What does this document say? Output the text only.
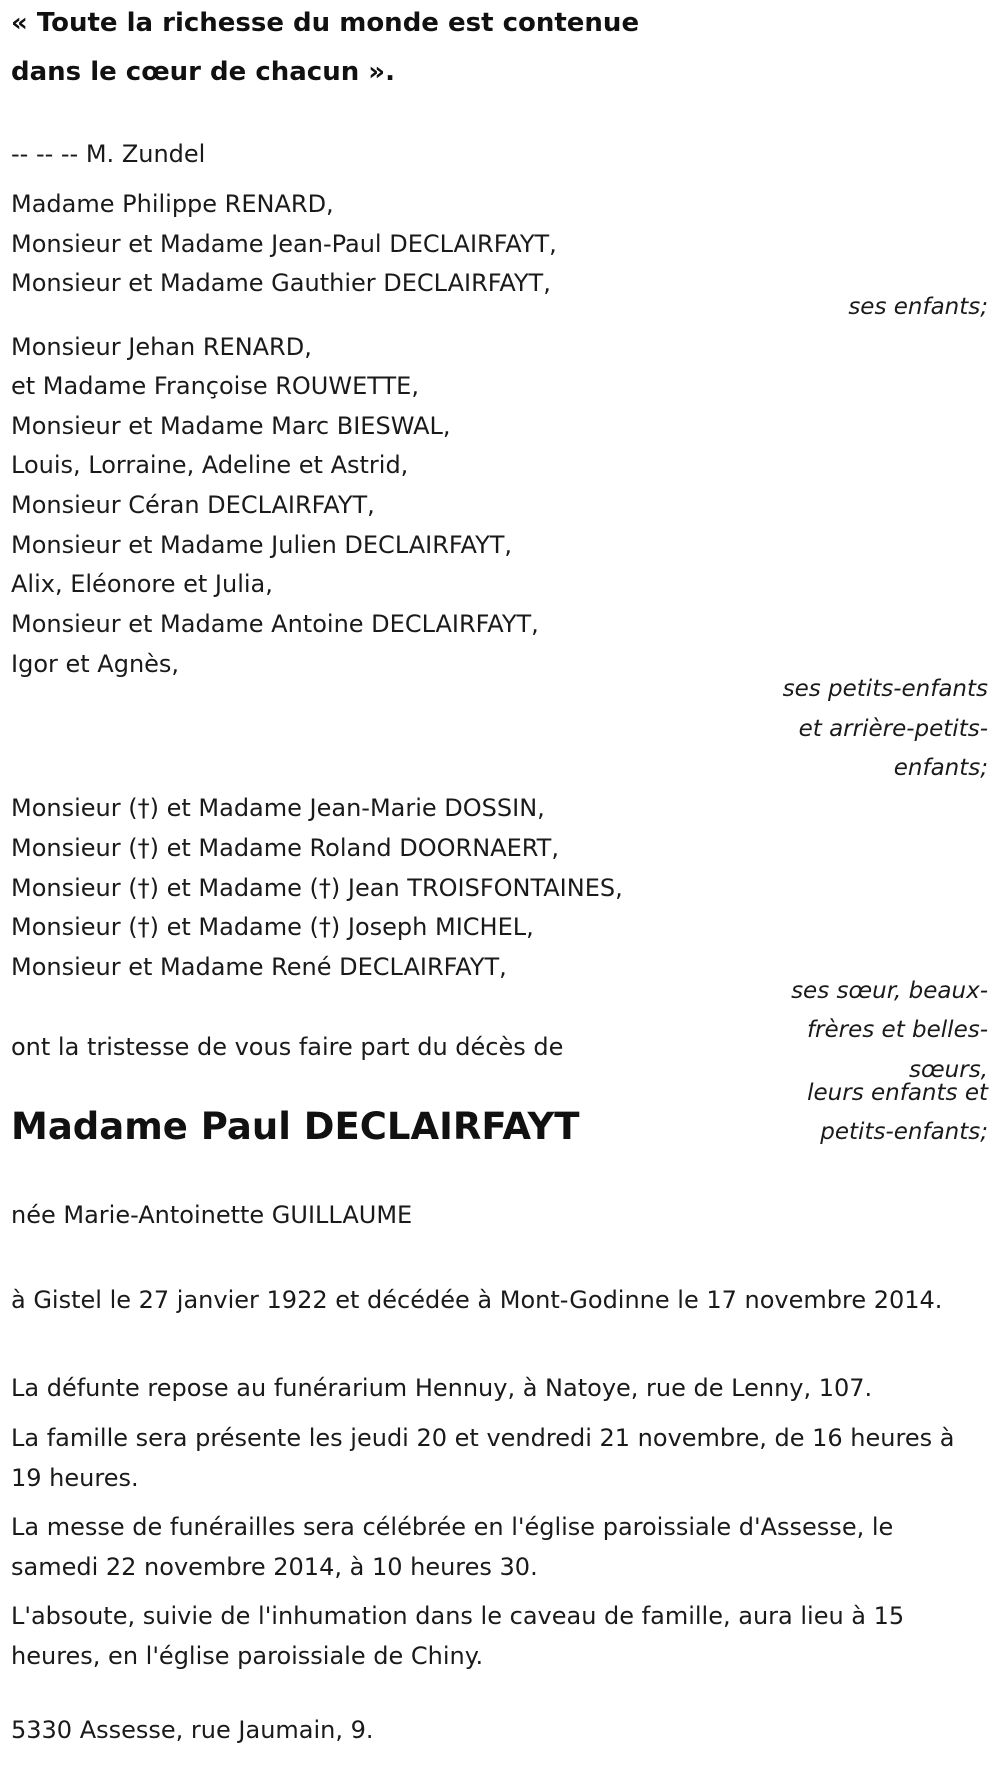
« Toute la richesse du monde est contenue
dans le cœur de chacun ».
-- -- -- M. Zundel
Madame Philippe RENARD,
Monsieur et Madame Jean-Paul DECLAIRFAYT,
Monsieur et Madame Gauthier DECLAIRFAYT,
ses enfants;
Monsieur Jehan RENARD,
et Madame Françoise ROUWETTE,
Monsieur et Madame Marc BIESWAL,
Louis, Lorraine, Adeline et Astrid,
Monsieur Céran DECLAIRFAYT,
Monsieur et Madame Julien DECLAIRFAYT,
Alix, Eléonore et Julia,
Monsieur et Madame Antoine DECLAIRFAYT,
Igor et Agnès,
ses petits-enfants
et arrière-petits-
enfants;
Monsieur (†) et Madame Jean-Marie DOSSIN,
Monsieur (†) et Madame Roland DOORNAERT,
Monsieur (†) et Madame (†) Jean TROISFONTAINES,
Monsieur (†) et Madame (†) Joseph MICHEL,
Monsieur et Madame René DECLAIRFAYT,
ses sœur, beaux-
frères et belles-
sœurs,
leurs enfants et
petits-enfants;
ont la tristesse de vous faire part du décès de
Madame Paul DECLAIRFAYT
née Marie-Antoinette GUILLAUME
à Gistel le 27 janvier 1922 et décédée à Mont-Godinne le 17 novembre 2014.
La défunte repose au funérarium Hennuy, à Natoye, rue de Lenny, 107.
La famille sera présente les jeudi 20 et vendredi 21 novembre, de 16 heures à 19 heures.
La messe de funérailles sera célébrée en l'église paroissiale d'Assesse, le samedi 22 novembre 2014, à 10 heures 30.
L'absoute, suivie de l'inhumation dans le caveau de famille, aura lieu à 15 heures, en l'église paroissiale de Chiny.
5330 Assesse, rue Jaumain, 9.
